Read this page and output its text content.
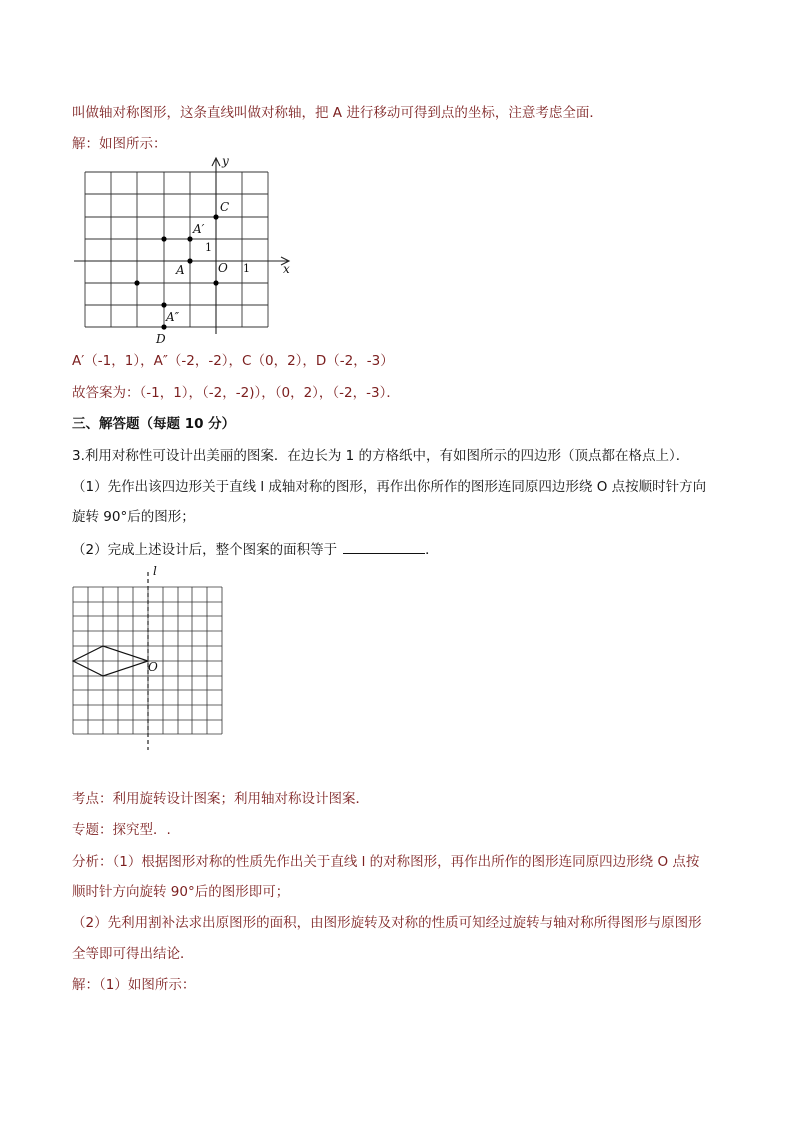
叫做轴对称图形，这条直线叫做对称轴，把 A 进行移动可得到点的坐标，注意考虑全面．
解：如图所示：
y
x
C
A′
1
A	O 1
A″
D
A′（-1，1），A″（-2，-2），C（0，2），D（-2，-3）
故答案为：（-1，1），（-2，-2)），（0，2），（-2，-3）．
三、解答题（每题 10 分）
3.利用对称性可设计出美丽的图案．在边长为 1 的方格纸中，有如图所示的四边形（顶点都在格点上）．
（1）先作出该四边形关于直线 l 成轴对称的图形，再作出你所作的图形连同原四边形绕 O 点按顺时针方向
旋转 90°后的图形；
（2）完成上述设计后，整个图案的面积等于	．
l
O
考点：利用旋转设计图案；利用轴对称设计图案．
专题：探究型．.
分析：（1）根据图形对称的性质先作出关于直线 l 的对称图形，再作出所作的图形连同原四边形绕 O 点按
顺时针方向旋转 90°后的图形即可；
（2）先利用割补法求出原图形的面积，由图形旋转及对称的性质可知经过旋转与轴对称所得图形与原图形
全等即可得出结论．
解：（1）如图所示：
